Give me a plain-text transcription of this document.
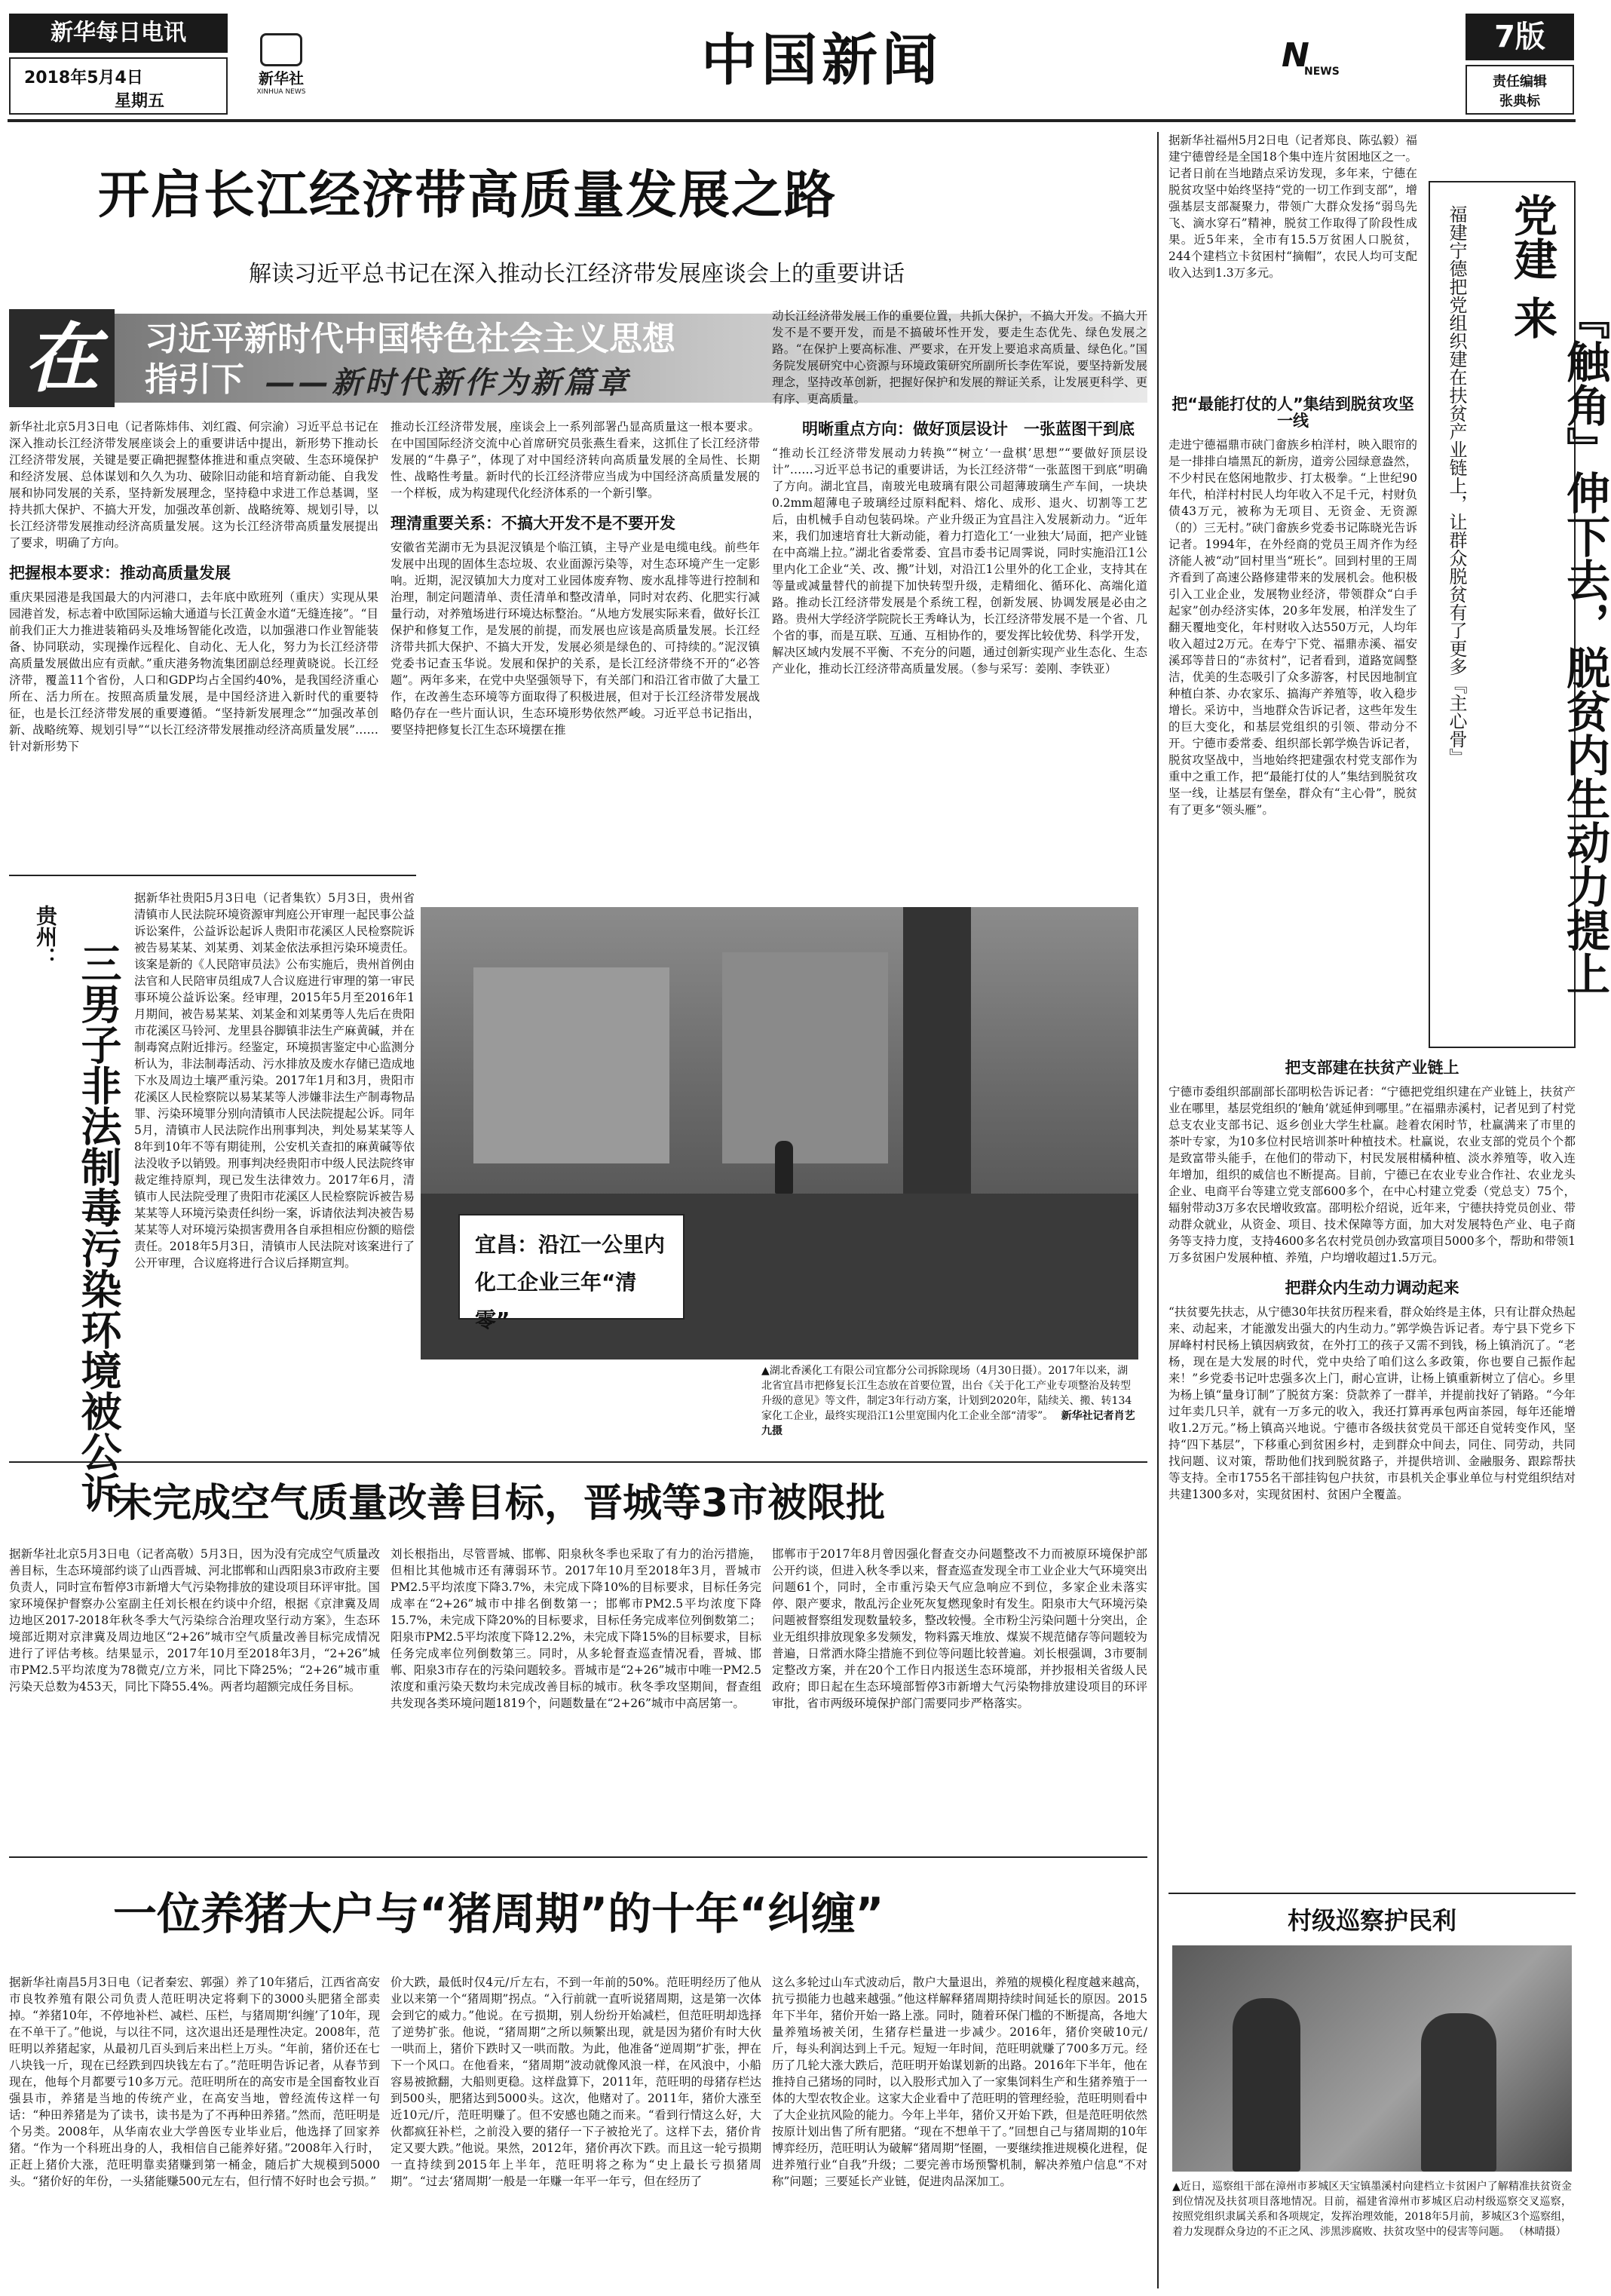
新华每日电讯
2018年5月4日
星期五
新华社
XINHUA NEWS	中国新闻	N
NEWS
7版
责任编辑
张典标
开启长江经济带高质量发展之路
解读习近平总书记在深入推动长江经济带发展座谈会上的重要讲话
在	习近平新时代中国特色社会主义思想
指引下 ——新时代新作为新篇章
新华社北京5月3日电（记者陈炜伟、刘红霞、何宗渝）习近平总书记在深入推动长江经济带发展座谈会上的重要讲话中提出，新形势下推动长江经济带发展，关键是要正确把握整体推进和重点突破、生态环境保护和经济发展、总体谋划和久久为功、破除旧动能和培育新动能、自我发展和协同发展的关系，坚持新发展理念，坚持稳中求进工作总基调，坚持共抓大保护、不搞大开发，加强改革创新、战略统筹、规划引导，以长江经济带发展推动经济高质量发展。这为长江经济带高质量发展提出了要求，明确了方向。
把握根本要求：推动高质量发展
重庆果园港是我国最大的内河港口，去年底中欧班列（重庆）实现从果园港首发，标志着中欧国际运输大通道与长江黄金水道“无缝连接”。“目前我们正大力推进装箱码头及堆场智能化改造，以加强港口作业智能装备、协同联动，实现操作远程化、自动化、无人化，努力为长江经济带高质量发展做出应有贡献。”重庆港务物流集团副总经理黄晓说。长江经济带，覆盖11个省份，人口和GDP均占全国约40%，是我国经济重心所在、活力所在。按照高质量发展，是中国经济进入新时代的重要特征，也是长江经济带发展的重要遵循。“坚持新发展理念”“加强改革创新、战略统筹、规划引导”“以长江经济带发展推动经济高质量发展”……针对新形势下
推动长江经济带发展，座谈会上一系列部署凸显高质量这一根本要求。在中国国际经济交流中心首席研究员张燕生看来，这抓住了长江经济带发展的“牛鼻子”，体现了对中国经济转向高质量发展的全局性、长期性、战略性考量。新时代的长江经济带应当成为中国经济高质量发展的一个样板，成为构建现代化经济体系的一个新引擎。
理清重要关系：不搞大开发不是不要开发
安徽省芜湖市无为县泥汊镇是个临江镇，主导产业是电缆电线。前些年发展中出现的固体生态垃圾、农业面源污染等，对生态环境产生一定影响。近期，泥汊镇加大力度对工业园体废弃物、废水乱排等进行控制和治理，制定问题清单、责任清单和整改清单，同时对农药、化肥实行减量行动，对养殖场进行环境达标整治。“从地方发展实际来看，做好长江保护和修复工作，是发展的前提，而发展也应该是高质量发展。长江经济带共抓大保护、不搞大开发，发展必须是绿色的、可持续的。”泥汊镇党委书记查玉华说。发展和保护的关系，是长江经济带绕不开的“必答题”。两年多来，在党中央坚强领导下，有关部门和沿江省市做了大量工作，在改善生态环境等方面取得了积极进展，但对于长江经济带发展战略仍存在一些片面认识，生态环境形势依然严峻。习近平总书记指出，要坚持把修复长江生态环境摆在推
动长江经济带发展工作的重要位置，共抓大保护，不搞大开发。不搞大开发不是不要开发，而是不搞破坏性开发，要走生态优先、绿色发展之路。“在保护上要高标准、严要求，在开发上要追求高质量、绿色化。”国务院发展研究中心资源与环境政策研究所副所长李佐军说，要坚持新发展理念，坚持改革创新，把握好保护和发展的辩证关系，让发展更科学、更有序、更高质量。
明晰重点方向：做好顶层设计　一张蓝图干到底
“推动长江经济带发展动力转换”“树立‘一盘棋’思想”“要做好顶层设计”……习近平总书记的重要讲话，为长江经济带“一张蓝图干到底”明确了方向。湖北宜昌，南玻光电玻璃有限公司超薄玻璃生产车间，一块块0.2mm超薄电子玻璃经过原料配料、熔化、成形、退火、切割等工艺后，由机械手自动包装码垛。产业升级正为宜昌注入发展新动力。“近年来，我们加速培育壮大新动能，着力打造化工‘一业独大’局面，把产业链在中高端上拉。”湖北省委常委、宜昌市委书记周霁说，同时实施沿江1公里内化工企业“关、改、搬”计划，对沿江1公里外的化工企业，支持其在等量或减量替代的前提下加快转型升级，走精细化、循环化、高端化道路。推动长江经济带发展是个系统工程，创新发展、协调发展是必由之路。贵州大学经济学院院长王秀峰认为，长江经济带发展不是一个省、几个省的事，而是互联、互通、互相协作的，要发挥比较优势、科学开发，解决区域内发展不平衡、不充分的问题，通过创新实现产业生态化、生态产业化，推动长江经济带高质量发展。（参与采写：姜刚、李铁亚）
贵州：
三男子非法制毒污染环境被公诉
据新华社贵阳5月3日电（记者集钦）5月3日，贵州省清镇市人民法院环境资源审判庭公开审理一起民事公益诉讼案件，公益诉讼起诉人贵阳市花溪区人民检察院诉被告易某某、刘某勇、刘某金依法承担污染环境责任。该案是新的《人民陪审员法》公布实施后，贵州首例由法官和人民陪审员组成7人合议庭进行审理的第一审民事环境公益诉讼案。经审理，2015年5月至2016年1月期间，被告易某某、刘某金和刘某勇等人先后在贵阳市花溪区马铃河、龙里县谷脚镇非法生产麻黄碱，并在制毒窝点附近排污。经鉴定，环境损害鉴定中心监测分析认为，非法制毒活动、污水排放及废水存储已造成地下水及周边土壤严重污染。2017年1月和3月，贵阳市花溪区人民检察院以易某某等人涉嫌非法生产制毒物品罪、污染环境罪分别向清镇市人民法院提起公诉。同年5月，清镇市人民法院作出刑事判决，判处易某某等人8年到10年不等有期徒刑，公安机关查扣的麻黄碱等依法没收予以销毁。刑事判决经贵阳市中级人民法院终审裁定维持原判，现已发生法律效力。2017年6月，清镇市人民法院受理了贵阳市花溪区人民检察院诉被告易某某等人环境污染责任纠纷一案，诉请依法判决被告易某某等人对环境污染损害费用各自承担相应份额的赔偿责任。2018年5月3日，清镇市人民法院对该案进行了公开审理，合议庭将进行合议后择期宣判。
宜昌：沿江一公里内化工企业三年“清零”
▲湖北香溪化工有限公司宜都分公司拆除现场（4月30日摄）。2017年以来，湖北省宜昌市把修复长江生态放在首要位置，出台《关于化工产业专项整治及转型升级的意见》等文件，制定3年行动方案，计划到2020年，陆续关、搬、转134家化工企业，最终实现沿江1公里宽围内化工企业全部“清零”。 新华社记者肖艺九摄
未完成空气质量改善目标，晋城等3市被限批
据新华社北京5月3日电（记者高敬）5月3日，因为没有完成空气质量改善目标，生态环境部约谈了山西晋城、河北邯郸和山西阳泉3市政府主要负责人，同时宣布暂停3市新增大气污染物排放的建设项目环评审批。国家环境保护督察办公室副主任刘长根在约谈中介绍，根据《京津冀及周边地区2017-2018年秋冬季大气污染综合治理攻坚行动方案》，生态环境部近期对京津冀及周边地区“2+26”城市空气质量改善目标完成情况进行了评估考核。结果显示，2017年10月至2018年3月，“2+26”城市PM2.5平均浓度为78微克/立方米，同比下降25%；“2+26”城市重污染天总数为453天，同比下降55.4%。两者均超额完成任务目标。
刘长根指出，尽管晋城、邯郸、阳泉秋冬季也采取了有力的治污措施，但相比其他城市还有薄弱环节。2017年10月至2018年3月，晋城市PM2.5平均浓度下降3.7%，未完成下降10%的目标要求，目标任务完成率在“2+26”城市中排名倒数第一；邯郸市PM2.5平均浓度下降15.7%，未完成下降20%的目标要求，目标任务完成率位列倒数第二；阳泉市PM2.5平均浓度下降12.2%，未完成下降15%的目标要求，目标任务完成率位列倒数第三。同时，从多轮督查巡查情况看，晋城、邯郸、阳泉3市存在的污染问题较多。晋城市是“2+26”城市中唯一PM2.5浓度和重污染天数均未完成改善目标的城市。秋冬季攻坚期间，督查组共发现各类环境问题1819个，问题数量在“2+26”城市中高居第一。
邯郸市于2017年8月曾因强化督查交办问题整改不力而被原环境保护部公开约谈，但进入秋冬季以来，督查巡查发现全市工业企业大气环境突出问题61个，同时，全市重污染天气应急响应不到位，多家企业未落实停、限产要求，散乱污企业死灰复燃现象时有发生。阳泉市大气环境污染问题被督察组发现数量较多，整改较慢。全市粉尘污染问题十分突出，企业无组织排放现象多发频发，物料露天堆放、煤炭不规范储存等问题较为普遍，日常洒水降尘措施不到位等问题比较普遍。刘长根强调，3市要制定整改方案，并在20个工作日内报送生态环境部，并抄报相关省级人民政府；即日起在生态环境部暂停3市新增大气污染物排放建设项目的环评审批，省市两级环境保护部门需要同步严格落实。
一位养猪大户与“猪周期”的十年“纠缠”
据新华社南昌5月3日电（记者秦宏、郭强）养了10年猪后，江西省高安市良牧养殖有限公司负责人范旺明决定将剩下的3000头肥猪全部卖掉。“养猪10年，不停地补栏、减栏、压栏，与猪周期‘纠缠’了10年，现在不单干了。”他说，与以往不同，这次退出还是理性决定。2008年，范旺明以养猪起家，从最初几百头到后来出栏上万头。“年前，猪价还在七八块钱一斤，现在已经跌到四块钱左右了。”范旺明告诉记者，从春节到现在，他每个月都要亏10多万元。范旺明所在的高安市是全国畜牧业百强县市，养猪是当地的传统产业，在高安当地，曾经流传这样一句话：“种田养猪是为了读书，读书是为了不再种田养猪。”然而，范旺明是个另类。2008年，从华南农业大学兽医专业毕业后，他选择了回家养猪。“作为一个科班出身的人，我相信自己能养好猪。”2008年入行时，正赶上猪价大涨，范旺明靠卖猪赚到第一桶金，随后扩大规模到5000头。“猪价好的年份，一头猪能赚500元左右，但行情不好时也会亏损。”
价大跌，最低时仅4元/斤左右，不到一年前的50%。范旺明经历了他从业以来第一个“猪周期”拐点。“入行前就一直听说猪周期，这是第一次体会到它的威力。”他说。在亏损期，别人纷纷开始减栏，但范旺明却选择了逆势扩张。他说，“猪周期”之所以频繁出现，就是因为猪价有时大伙一哄而上，猪价下跌时又一哄而散。为此，他准备“逆周期”扩张，押在下一个风口。在他看来，“猪周期”波动就像风浪一样，在风浪中，小船容易被掀翻，大船则更稳。这样盘算下，2011年，范旺明的母猪存栏达到500头，肥猪达到5000头。这次，他赌对了。2011年，猪价大涨至近10元/斤，范旺明赚了。但不安感也随之而来。“看到行情这么好，大伙都疯狂补栏，之前没入要的猪仔一下子被抢光了。这样下去，猪价肯定又要大跌。”他说。果然，2012年，猪价再次下跌。而且这一轮亏损期一直持续到2015年上半年，范旺明将之称为“史上最长亏损猪周期”。“过去‘猪周期’一般是一年赚一年平一年亏，但在经历了
这么多轮过山车式波动后，散户大量退出，养殖的规模化程度越来越高，抗亏损能力也越来越强。”他这样解释猪周期持续时间延长的原因。2015年下半年，猪价开始一路上涨。同时，随着环保门槛的不断提高，各地大量养殖场被关闭，生猪存栏量进一步减少。2016年，猪价突破10元/斤，每头利润达到上千元。短短一年时间，范旺明就赚了700多万元。经历了几轮大涨大跌后，范旺明开始谋划新的出路。2016年下半年，他在推持自己猪场的同时，以入股形式加入了一家集饲料生产和生猪养殖于一体的大型农牧企业。这家大企业看中了范旺明的管理经验，范旺明则看中了大企业抗风险的能力。今年上半年，猪价又开始下跌，但是范旺明依然按原计划出售了所有肥猪。“现在不想单干了。”回想自己与猪周期的10年博弈经历，范旺明认为破解“猪周期”怪圈，一要继续推进规模化进程，促进养殖行业“自我”升级；二要完善市场预警机制，解决养殖户信息“不对称”问题；三要延长产业链，促进肉品深加工。
据新华社福州5月2日电（记者郑良、陈弘毅）福建宁德曾经是全国18个集中连片贫困地区之一。记者日前在当地踏点采访发现，多年来，宁德在脱贫攻坚中始终坚持“党的一切工作到支部”，增强基层支部凝聚力，带领广大群众发扬“弱鸟先飞、滴水穿石”精神，脱贫工作取得了阶段性成果。近5年来，全市有15.5万贫困人口脱贫，244个建档立卡贫困村“摘帽”，农民人均可支配收入达到1.3万多元。	党建
『触角』伸下去，脱贫内生动力提上来
福建宁德把党组织建在扶贫产业链上，让群众脱贫有了更多『主心骨』
把“最能打仗的人”集结到脱贫攻坚一线
走进宁德福鼎市硖门畲族乡柏洋村，映入眼帘的是一排排白墙黑瓦的新房，道旁公园绿意盎然，不少村民在悠闲地散步、打太极拳。“上世纪90年代，柏洋村村民人均年收入不足千元，村财负债43万元，被称为无项目、无资金、无资源（的）三无村。”硖门畲族乡党委书记陈晓光告诉记者。1994年，在外经商的党员王周齐作为经济能人被“动”回村里当“班长”。回到村里的王周齐看到了高速公路修建带来的发展机会。他积极引入工业企业，发展物业经济，带领群众“白手起家”创办经济实体，20多年发展，柏洋发生了翻天覆地变化，年村财收入达550万元，人均年收入超过2万元。在寿宁下党、福鼎赤溪、福安溪邳等昔日的“赤贫村”，记者看到，道路宽阔整洁，优美的生态吸引了众多游客，村民因地制宜种植白茶、办农家乐、搞海产养殖等，收入稳步增长。采访中，当地群众告诉记者，这些年发生的巨大变化，和基层党组织的引领、带动分不开。宁德市委常委、组织部长郭学焕告诉记者，脱贫攻坚战中，当地始终把建强农村党支部作为重中之重工作，把“最能打仗的人”集结到脱贫攻坚一线，让基层有堡垒，群众有“主心骨”，脱贫有了更多“领头雁”。
把支部建在扶贫产业链上
宁德市委组织部副部长邵明松告诉记者：“宁德把党组织建在产业链上，扶贫产业在哪里，基层党组织的‘触角’就延伸到哪里。”在福鼎赤溪村，记者见到了村党总支农业支部书记、返乡创业大学生杜赢。趁着农闲时节，杜赢满来了市里的茶叶专家，为10多位村民培训茶叶种植技术。杜赢说，农业支部的党员个个都是致富带头能手，在他们的带动下，村民发展柑橘种植、淡水养殖等，收入连年增加，组织的威信也不断提高。目前，宁德已在农业专业合作社、农业龙头企业、电商平台等建立党支部600多个，在中心村建立党委（党总支）75个，辐射带动3万多农民增收致富。邵明松介绍说，近年来，宁德扶持党员创业、带动群众就业，从资金、项目、技术保障等方面，加大对发展特色产业、电子商务等支持力度，支持4600多名农村党员创办致富项目5000多个，帮助和带领1万多贫困户发展种植、养殖，户均增收超过1.5万元。
把群众内生动力调动起来
“扶贫要先扶志，从宁德30年扶贫历程来看，群众始终是主体，只有让群众热起来、动起来，才能激发出强大的内生动力。”郭学焕告诉记者。寿宁县下党乡下屏峰村村民杨上镇因病致贫，在外打工的孩子又需不到钱，杨上镇消沉了。“老杨，现在是大发展的时代，党中央给了咱们这么多政策，你也要自己振作起来！”乡党委书记叶忠强多次上门，耐心宣讲，让杨上镇重新树立了信心。乡里为杨上镇“量身订制”了脱贫方案：贷款养了一群羊，并提前找好了销路。“今年过年卖几只羊，就有一万多元的收入，我还打算再承包两亩茶园，每年还能增收1.2万元。”杨上镇高兴地说。宁德市各级扶贫党员干部还自觉转变作风，坚持“四下基层”，下移重心到贫困乡村，走到群众中间去，同住、同劳动，共同找问题、议对策，帮助他们找到脱贫路子，并提供培训、金融服务、跟踪帮扶等支持。全市1755名干部挂钩包户扶贫，市县机关企事业单位与村党组织结对共建1300多对，实现贫困村、贫困户全覆盖。
村级巡察护民利
▲近日，巡察组干部在漳州市芗城区天宝镇墨溪村向建档立卡贫困户了解精准扶贫资金到位情况及扶贫项目落地情况。目前，福建省漳州市芗城区启动村级巡察交叉巡察，按照党组织隶属关系和各项规定，发挥治理效能，2018年5月前，芗城区3个巡察组，着力发现群众身边的不正之风、涉黑涉腐败、扶贫攻坚中的侵害等问题。 （林晴摄）
